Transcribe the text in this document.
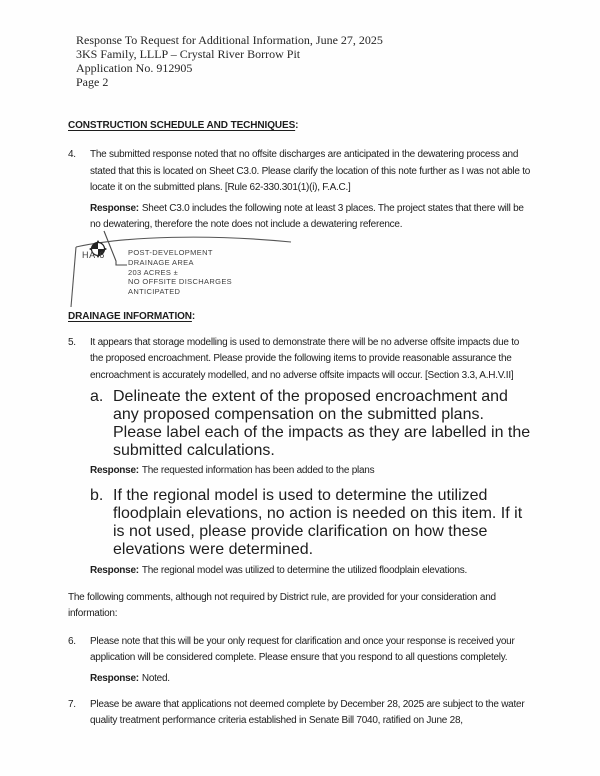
Response To Request for Additional Information, June 27, 2025
3KS Family, LLLP – Crystal River Borrow Pit
Application No. 912905
Page 2
CONSTRUCTION SCHEDULE AND TECHNIQUES:
4.	The submitted response noted that no offsite discharges are anticipated in the dewatering process and stated that this is located on Sheet C3.0. Please clarify the location of this note further as I was not able to locate it on the submitted plans. [Rule 62-330.301(1)(i), F.A.C.]
Response: Sheet C3.0 includes the following note at least 3 places. The project states that there will be no dewatering, therefore the note does not include a dewatering reference.
HA-6	POST-DEVELOPMENT
DRAINAGE AREA
203 ACRES ±
NO OFFSITE DISCHARGES
ANTICIPATED
DRAINAGE INFORMATION:
5.	It appears that storage modelling is used to demonstrate there will be no adverse offsite impacts due to the proposed encroachment. Please provide the following items to provide reasonable assurance the encroachment is accurately modelled, and no adverse offsite impacts will occur. [Section 3.3, A.H.V.II]
a. Delineate the extent of the proposed encroachment and any proposed compensation on the submitted plans. Please label each of the impacts as they are labelled in the submitted calculations.
Response: The requested information has been added to the plans
b. If the regional model is used to determine the utilized floodplain elevations, no action is needed on this item. If it is not used, please provide clarification on how these elevations were determined.
Response: The regional model was utilized to determine the utilized floodplain elevations.
The following comments, although not required by District rule, are provided for your consideration and information:
6.	Please note that this will be your only request for clarification and once your response is received your application will be considered complete. Please ensure that you respond to all questions completely.
Response: Noted.
7.	Please be aware that applications not deemed complete by December 28, 2025 are subject to the water quality treatment performance criteria established in Senate Bill 7040, ratified on June 28,
